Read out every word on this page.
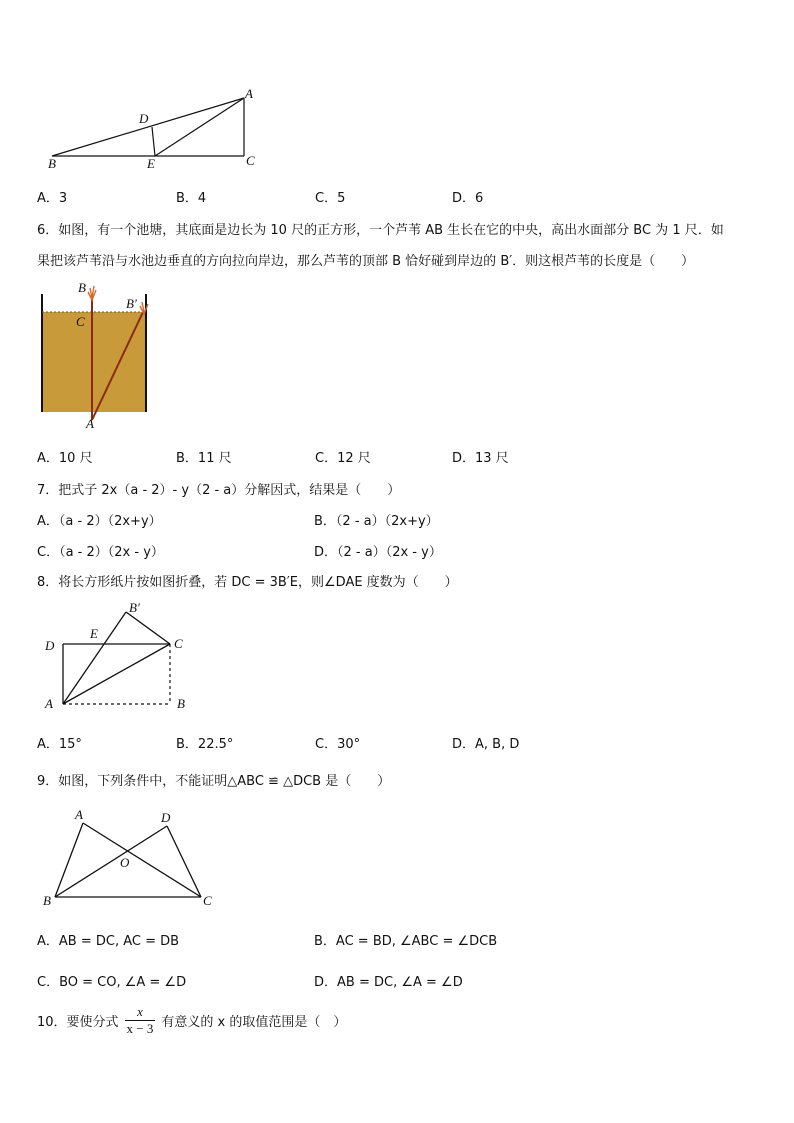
A
B	C
D
E
A．3	B．4	C．5	D．6
6．如图，有一个池塘，其底面是边长为 10 尺的正方形，一个芦苇 AB 生长在它的中央，高出水面部分 BC 为 1 尺．如
果把该芦苇沿与水池边垂直的方向拉向岸边，那么芦苇的顶部 B 恰好碰到岸边的 B′．则这根芦苇的长度是（　　）
A
B
B′
C
A．10 尺	B．11 尺	C．12 尺	D．13 尺
7．把式子 2x（a - 2）- y（2 - a）分解因式，结果是（　　）
A．（a - 2）（2x+y）	B．（2 - a）（2x+y）
C．（a - 2）（2x - y）	D．（2 - a）（2x - y）
8．将长方形纸片按如图折叠，若 DC = 3B′E，则∠DAE 度数为（　　）
A	B
B′
C
D
E
A．15°	B．22.5°	C．30°	D．A, B, D
9．如图，下列条件中，不能证明△ABC ≌ △DCB 是（　　）
A
B	C
D
O
A．AB = DC, AC = DB	B．AC = BD, ∠ABC = ∠DCB
C．BO = CO, ∠A = ∠D	D．AB = DC, ∠A = ∠D
10．要使分式 $\frac{x}{x - 3}$ 有意义的 x 的取值范围是（　）
